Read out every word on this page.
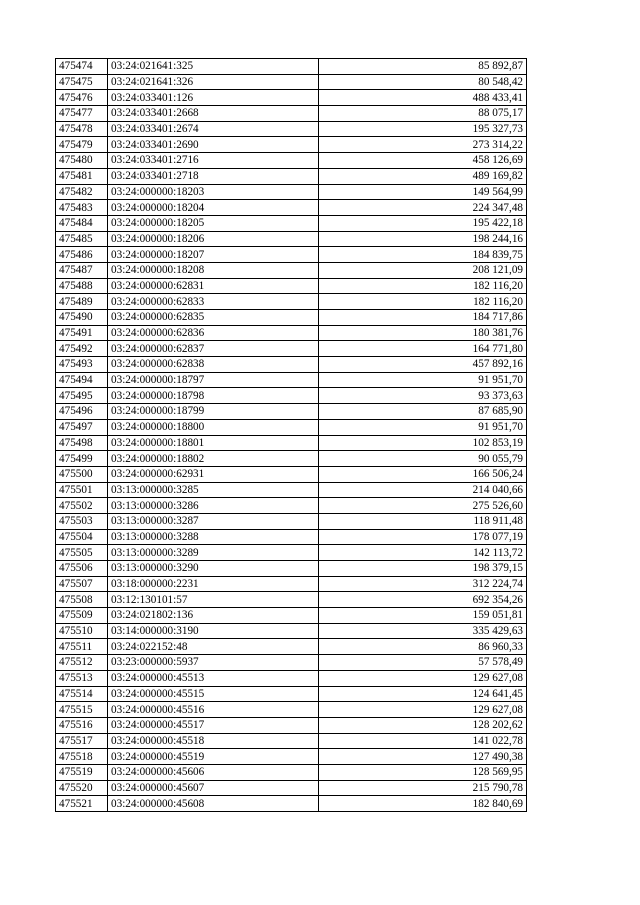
475474	03:24:021641:325	85 892,87
475475	03:24:021641:326	80 548,42
475476	03:24:033401:126	488 433,41
475477	03:24:033401:2668	88 075,17
475478	03:24:033401:2674	195 327,73
475479	03:24:033401:2690	273 314,22
475480	03:24:033401:2716	458 126,69
475481	03:24:033401:2718	489 169,82
475482	03:24:000000:18203	149 564,99
475483	03:24:000000:18204	224 347,48
475484	03:24:000000:18205	195 422,18
475485	03:24:000000:18206	198 244,16
475486	03:24:000000:18207	184 839,75
475487	03:24:000000:18208	208 121,09
475488	03:24:000000:62831	182 116,20
475489	03:24:000000:62833	182 116,20
475490	03:24:000000:62835	184 717,86
475491	03:24:000000:62836	180 381,76
475492	03:24:000000:62837	164 771,80
475493	03:24:000000:62838	457 892,16
475494	03:24:000000:18797	91 951,70
475495	03:24:000000:18798	93 373,63
475496	03:24:000000:18799	87 685,90
475497	03:24:000000:18800	91 951,70
475498	03:24:000000:18801	102 853,19
475499	03:24:000000:18802	90 055,79
475500	03:24:000000:62931	166 506,24
475501	03:13:000000:3285	214 040,66
475502	03:13:000000:3286	275 526,60
475503	03:13:000000:3287	118 911,48
475504	03:13:000000:3288	178 077,19
475505	03:13:000000:3289	142 113,72
475506	03:13:000000:3290	198 379,15
475507	03:18:000000:2231	312 224,74
475508	03:12:130101:57	692 354,26
475509	03:24:021802:136	159 051,81
475510	03:14:000000:3190	335 429,63
475511	03:24:022152:48	86 960,33
475512	03:23:000000:5937	57 578,49
475513	03:24:000000:45513	129 627,08
475514	03:24:000000:45515	124 641,45
475515	03:24:000000:45516	129 627,08
475516	03:24:000000:45517	128 202,62
475517	03:24:000000:45518	141 022,78
475518	03:24:000000:45519	127 490,38
475519	03:24:000000:45606	128 569,95
475520	03:24:000000:45607	215 790,78
475521	03:24:000000:45608	182 840,69
